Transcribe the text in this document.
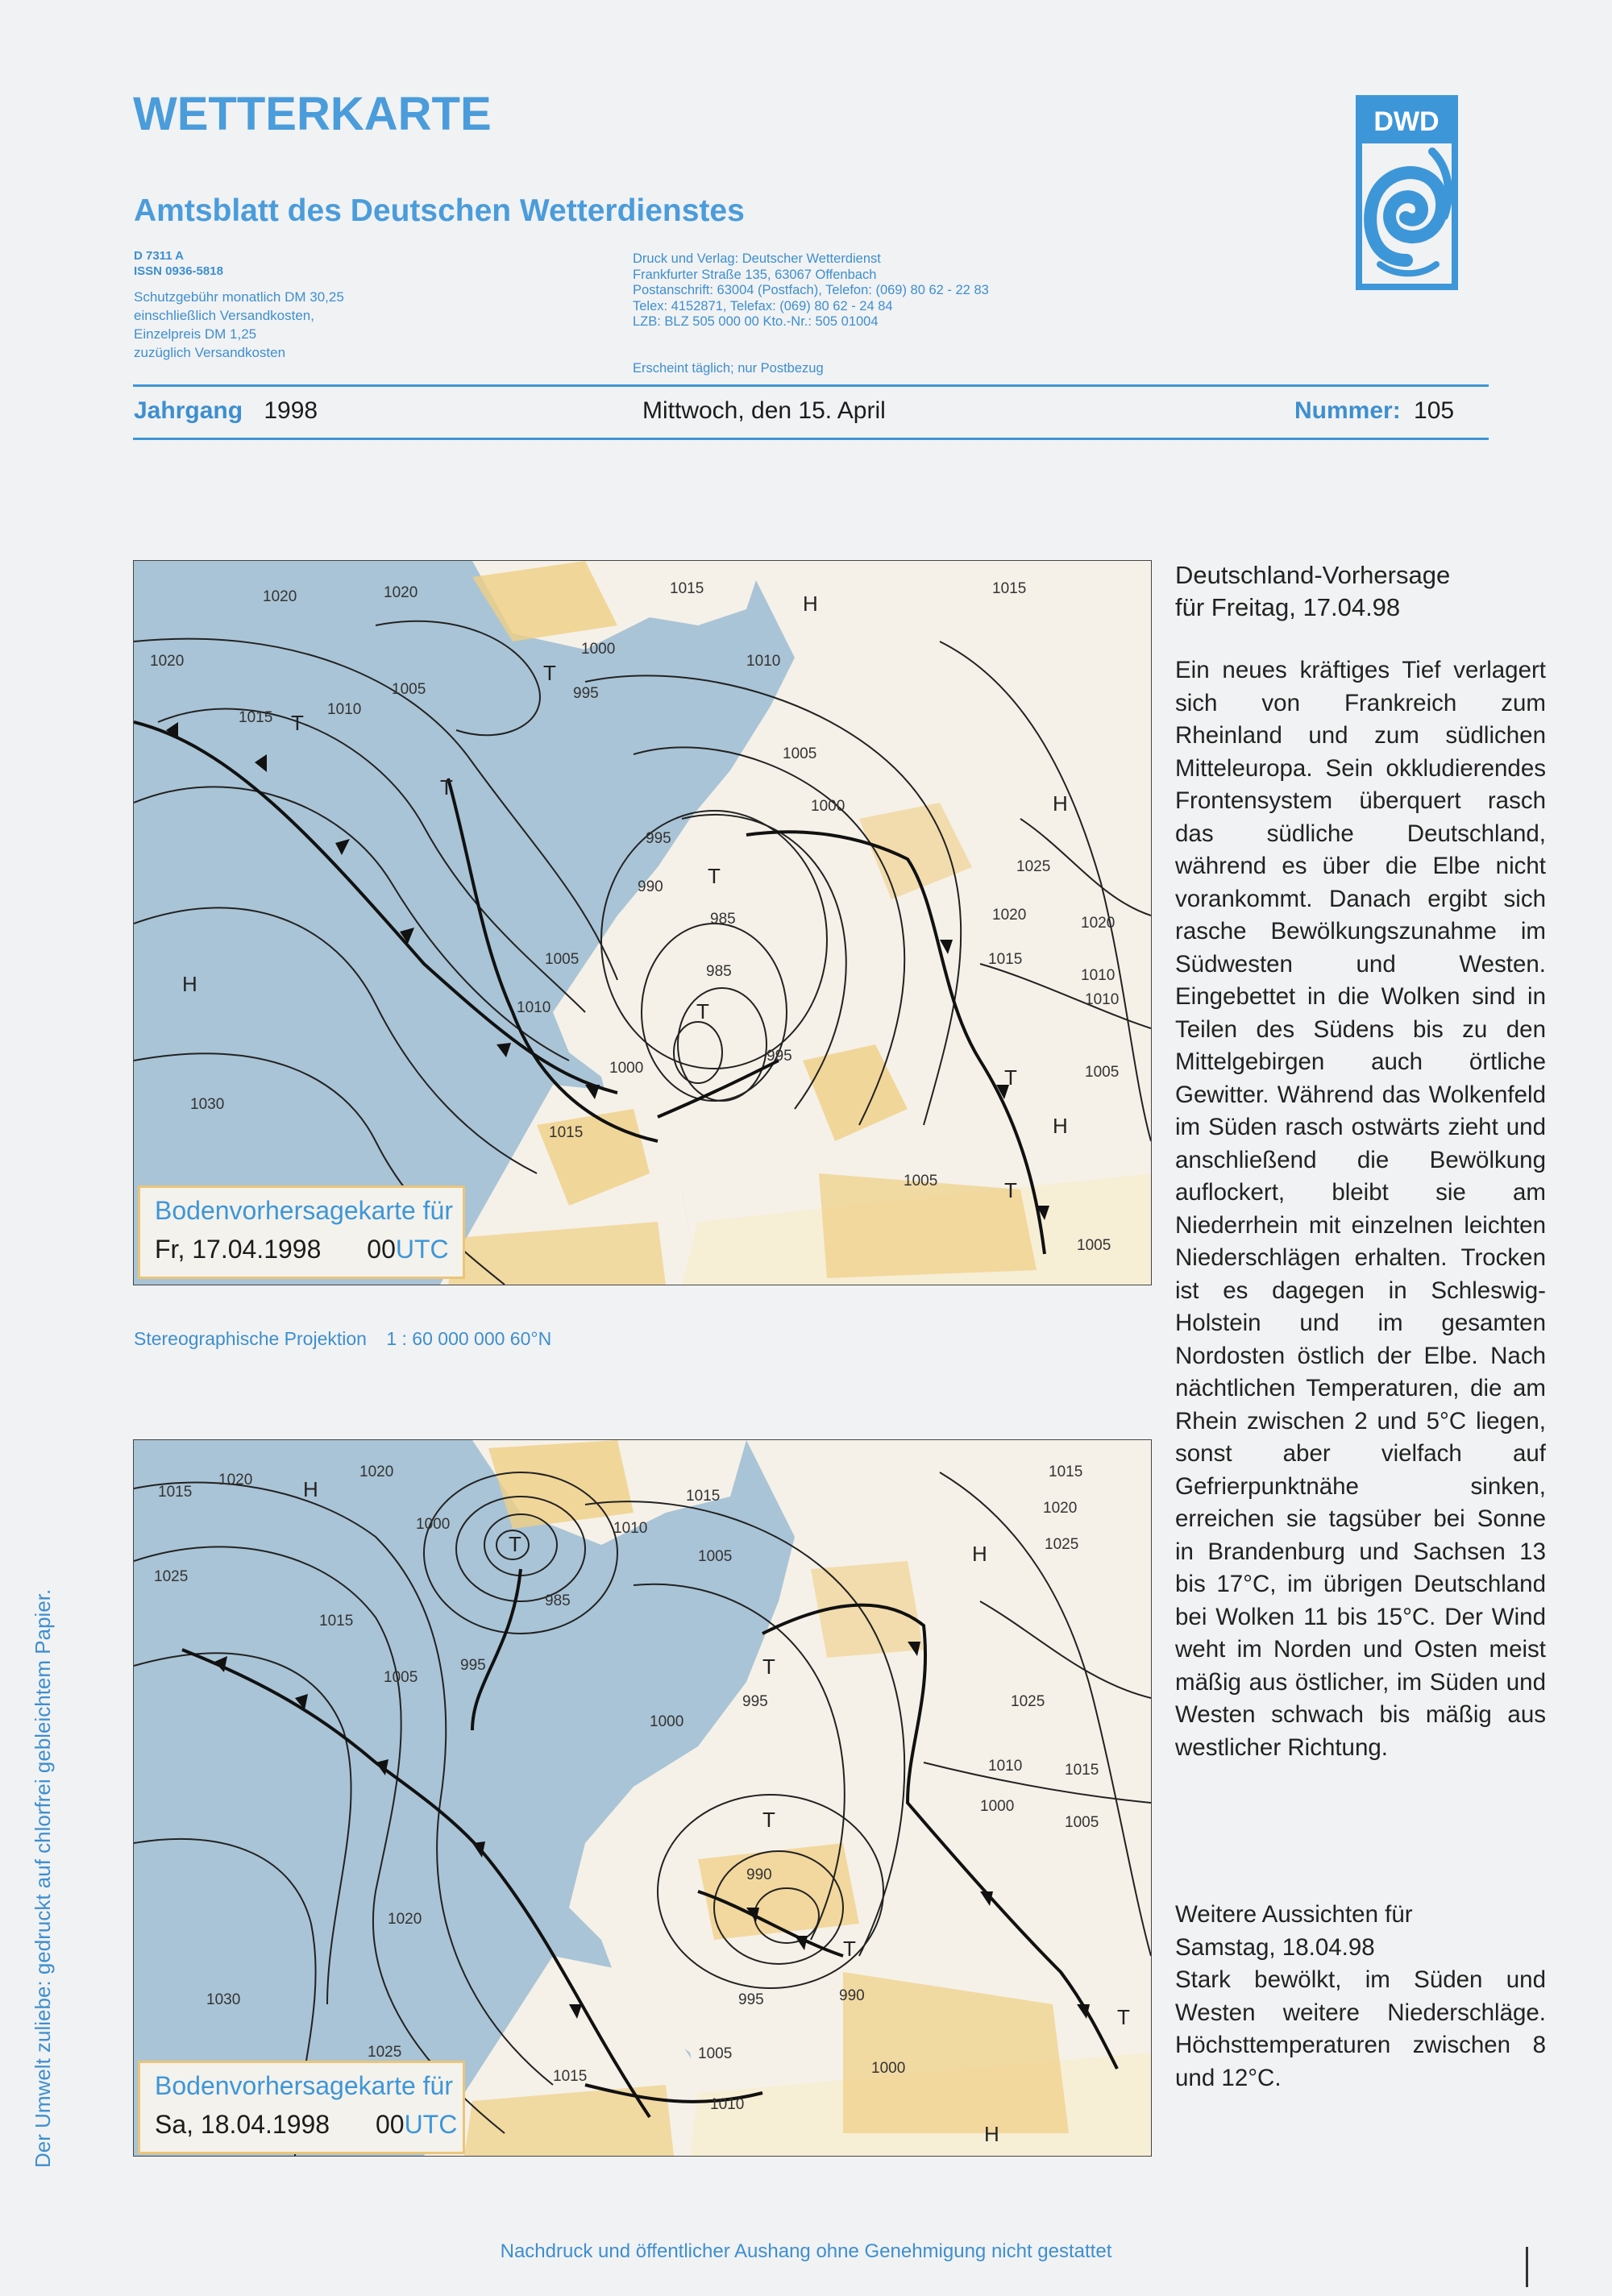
WETTERKARTE
Amtsblatt des Deutschen Wetterdienstes
D 7311 A
ISSN 0936-5818
Schutzgebühr monatlich DM 30,25
einschließlich Versandkosten,
Einzelpreis DM 1,25
zuzüglich Versandkosten
Druck und Verlag: Deutscher Wetterdienst
Frankfurter Straße 135, 63067 Offenbach
Postanschrift: 63004 (Postfach), Telefon: (069) 80 62 - 22 83
Telex: 4152871, Telefax: (069) 80 62 - 24 84
LZB: BLZ 505 000 00 Kto.-Nr.: 505 01004
Erscheint täglich; nur Postbezug
DWD
Jahrgang 1998	Mittwoch, den 15. April	Nummer: 105
H
T
T
T
H
T
T
H
H
T
T
1020	1020
1020
1015	1010
1005
1000
995
1015
1010
1005
1000
995
990
985
985
1005
1010
1000
995
1015
1005
1025
1020
1015
1010
1005
1030
1020
1010
1015
1005
Bodenvorhersagekarte für
Fr, 17.04.1998 00UTC
Stereographische Projektion 1 : 60 000 000 60°N
H
T	H
T
T
T
T
H
1015
1020	1020
1000
985
1015
1010
1005
1015
1005
995
1000
995
1025
1015
1020
1030
1025
1020
1010	1015
1000
1005
1025
990
990
995
1005
1000
1010
1015
1025
Bodenvorhersagekarte für
Sa, 18.04.1998 00UTC
Deutschland-Vorhersage
für Freitag, 17.04.98
Ein neues kräftiges Tief verlagert sich von Frankreich zum Rheinland und zum südlichen Mitteleuropa. Sein okkludierendes Frontensystem überquert rasch das südliche Deutschland, während es über die Elbe nicht vorankommt. Danach ergibt sich rasche Bewölkungszunahme im Südwesten und Westen. Eingebettet in die Wolken sind in Teilen des Südens bis zu den Mittelgebirgen auch örtliche Gewitter. Während das Wolkenfeld im Süden rasch ostwärts zieht und anschließend die Bewölkung auflockert, bleibt sie am Niederrhein mit einzelnen leichten Niederschlägen erhalten. Trocken ist es dagegen in Schleswig-Holstein und im gesamten Nordosten östlich der Elbe. Nach nächtlichen Temperaturen, die am Rhein zwischen 2 und 5°C liegen, sonst aber vielfach auf Gefrierpunktnähe sinken, erreichen sie tagsüber bei Sonne in Brandenburg und Sachsen 13 bis 17°C, im übrigen Deutschland bei Wolken 11 bis 15°C. Der Wind weht im Norden und Osten meist mäßig aus östlicher, im Süden und Westen schwach bis mäßig aus westlicher Richtung.
Weitere Aussichten für
Samstag, 18.04.98
Stark bewölkt, im Süden und Westen weitere Niederschläge. Höchsttemperaturen zwischen 8 und 12°C.
Der Umwelt zuliebe: gedruckt auf chlorfrei gebleichtem Papier.
Nachdruck und öffentlicher Aushang ohne Genehmigung nicht gestattet
